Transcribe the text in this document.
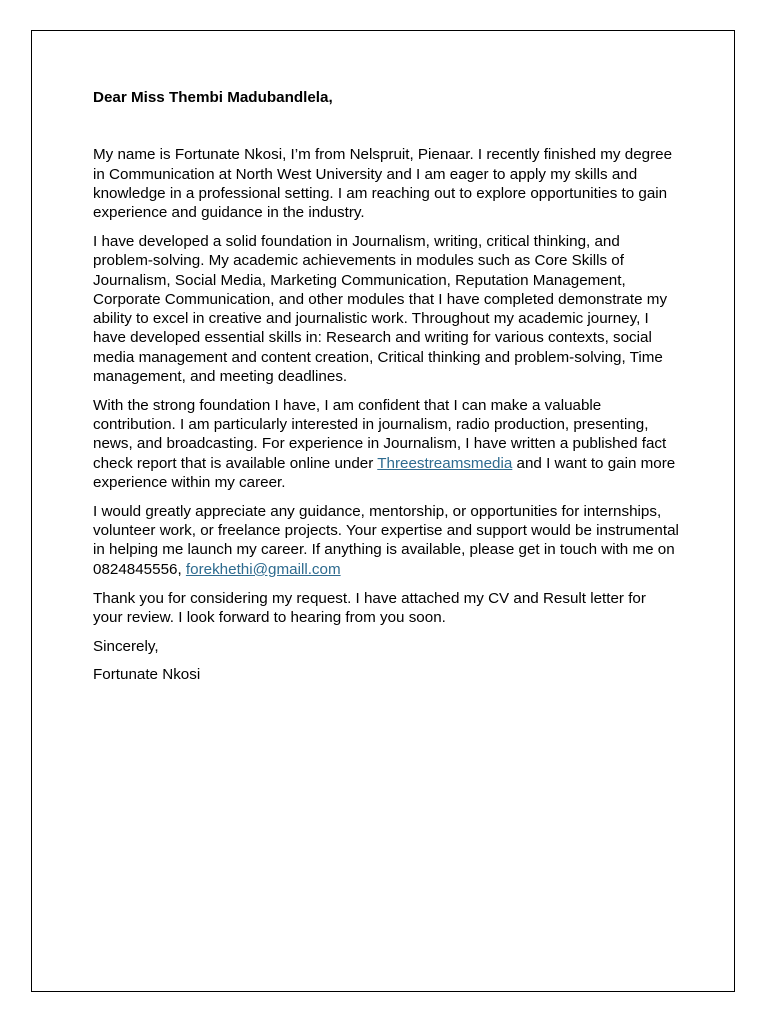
Dear Miss Thembi Madubandlela,

My name is Fortunate Nkosi, I’m from Nelspruit, Pienaar. I recently finished my degree in Communication at North West University and I am eager to apply my skills and knowledge in a professional setting. I am reaching out to explore opportunities to gain experience and guidance in the industry.

I have developed a solid foundation in Journalism, writing, critical thinking, and problem-solving. My academic achievements in modules such as Core Skills of Journalism, Social Media, Marketing Communication, Reputation Management, Corporate Communication, and other modules that I have completed demonstrate my ability to excel in creative and journalistic work. Throughout my academic journey, I have developed essential skills in: Research and writing for various contexts, social media management and content creation, Critical thinking and problem-solving, Time management, and meeting deadlines.

With the strong foundation I have, I am confident that I can make a valuable contribution. I am particularly interested in journalism, radio production, presenting, news, and broadcasting. For experience in Journalism, I have written a published fact check report that is available online under Threestreamsmedia and I want to gain more experience within my career.

I would greatly appreciate any guidance, mentorship, or opportunities for internships, volunteer work, or freelance projects. Your expertise and support would be instrumental in helping me launch my career. If anything is available, please get in touch with me on 0824845556, forekhethi@gmaill.com

Thank you for considering my request. I have attached my CV and Result letter for your review. I look forward to hearing from you soon.

Sincerely,

Fortunate Nkosi
